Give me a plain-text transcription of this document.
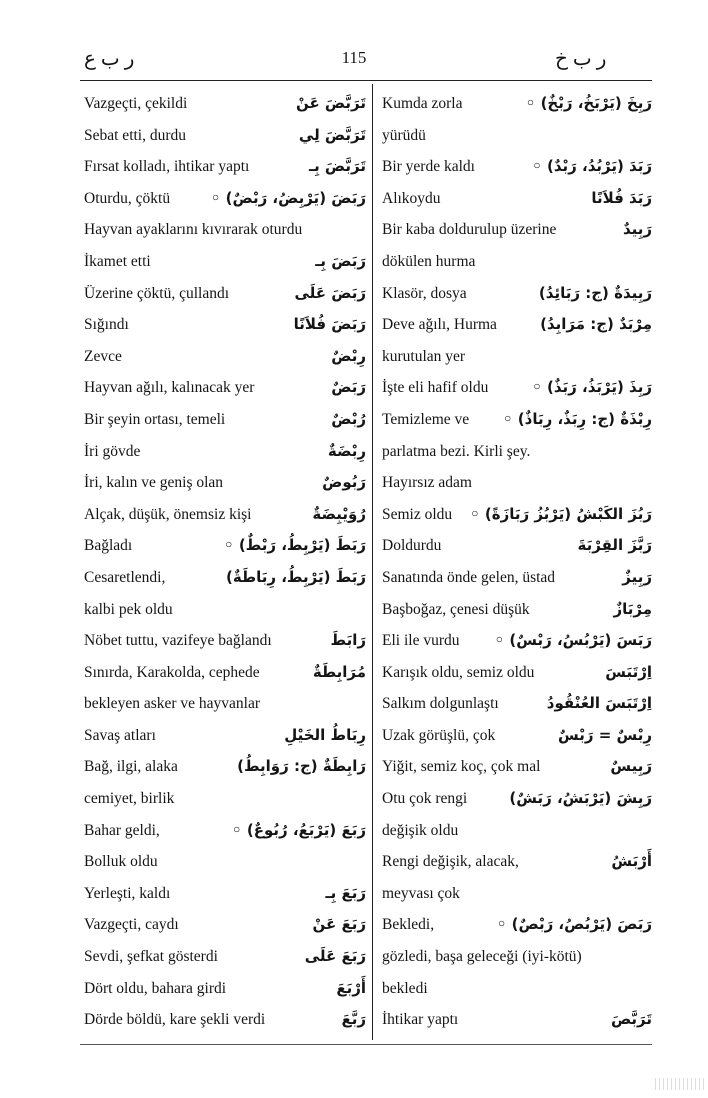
ر ب ع	115	ر ب خ
Vazgeçti, çekildi	تَرَبَّضَ عَنْ
Sebat etti, durdu	تَرَبَّضَ لِي
Fırsat kolladı, ihtikar yaptı	تَرَبَّضَ بِـ
Oturdu, çöktü	رَبَضَ (يَرْبِضُ، رَبْضٌ) ◦
Hayvan ayaklarını kıvırarak oturdu
İkamet etti	رَبَضَ بِـ
Üzerine çöktü, çullandı	رَبَضَ عَلَى
Sığındı	رَبَضَ فُلاَنًا
Zevce	رِبْضٌ
Hayvan ağılı, kalınacak yer	رَبَضٌ
Bir şeyin ortası, temeli	رُبْضٌ
İri gövde	رِبْضَةٌ
İri, kalın ve geniş olan	رَبُوضٌ
Alçak, düşük, önemsiz kişi	رُوَيْبِضَةٌ
Bağladı	رَبَطَ (يَرْبِطُ، رَبْطٌ) ◦
Cesaretlendi,	رَبَطَ (يَرْبِطُ، رِبَاطَةٌ)
kalbi pek oldu
Nöbet tuttu, vazifeye bağlandı	رَابَطَ
Sınırda, Karakolda, cephede	مُرَابِطَةٌ
bekleyen asker ve hayvanlar
Savaş atları	رِبَاطُ الخَيْلِ
Bağ, ilgi, alaka	رَابِطَةٌ (ج: رَوَابِطُ)
cemiyet, birlik
Bahar geldi,	رَبَعَ (يَرْبَعُ، رُبُوعٌ) ◦
Bolluk oldu
Yerleşti, kaldı	رَبَعَ بِـ
Vazgeçti, caydı	رَبَعَ عَنْ
Sevdi, şefkat gösterdi	رَبَعَ عَلَى
Dört oldu, bahara girdi	أَرْبَعَ
Dörde böldü, kare şekli verdi	رَبَّعَ
Kumda zorla	رَبِخَ (يَرْبَخُ، رَبْخٌ) ◦
yürüdü
Bir yerde kaldı	رَبَدَ (يَرْبُدُ، رَبْدٌ) ◦
Alıkoydu	رَبَدَ فُلاَنًا
Bir kaba doldurulup üzerine	رَبِيدٌ
dökülen hurma
Klasör, dosya	رَبِيدَةٌ (ج: رَبَائِدُ)
Deve ağılı, Hurma	مِرْبَدٌ (ج: مَرَابِدُ)
kurutulan yer
İşte eli hafif oldu	رَبِذَ (يَرْبَذُ، رَبَذٌ) ◦
Temizleme ve رِبْذَةٌ (ج: رِبَذٌ، رِبَاذٌ) ◦
parlatma bezi. Kirli şey.
Hayırsız adam
Semiz oldu رَبُزَ الكَبْشُ (يَرْبُزُ رَبَازَةً) ◦
Doldurdu	رَبَّزَ القِرْبَةَ
Sanatında önde gelen, üstad	رَبِيزٌ
Başboğaz, çenesi düşük	مِرْبَازٌ
Eli ile vurdu رَبَسَ (يَرْبُسُ، رَبْسٌ) ◦
Karışık oldu, semiz oldu	اِرْتَبَسَ
Salkım dolgunlaştı	اِرْتَبَسَ العُنْقُودُ
Uzak görüşlü, çok	رِبْسٌ = رَبْسٌ
Yiğit, semiz koç, çok mal	رَبِيسٌ
Otu çok rengi	رَبِشَ (يَرْبَشُ، رَبَشٌ)
değişik oldu
Rengi değişik, alacak,	أَرْبَشُ
meyvası çok
Bekledi,	رَبَصَ (يَرْبُصُ، رَبْصٌ) ◦
gözledi, başa geleceği (iyi-kötü)
bekledi
İhtikar yaptı	تَرَبَّصَ
